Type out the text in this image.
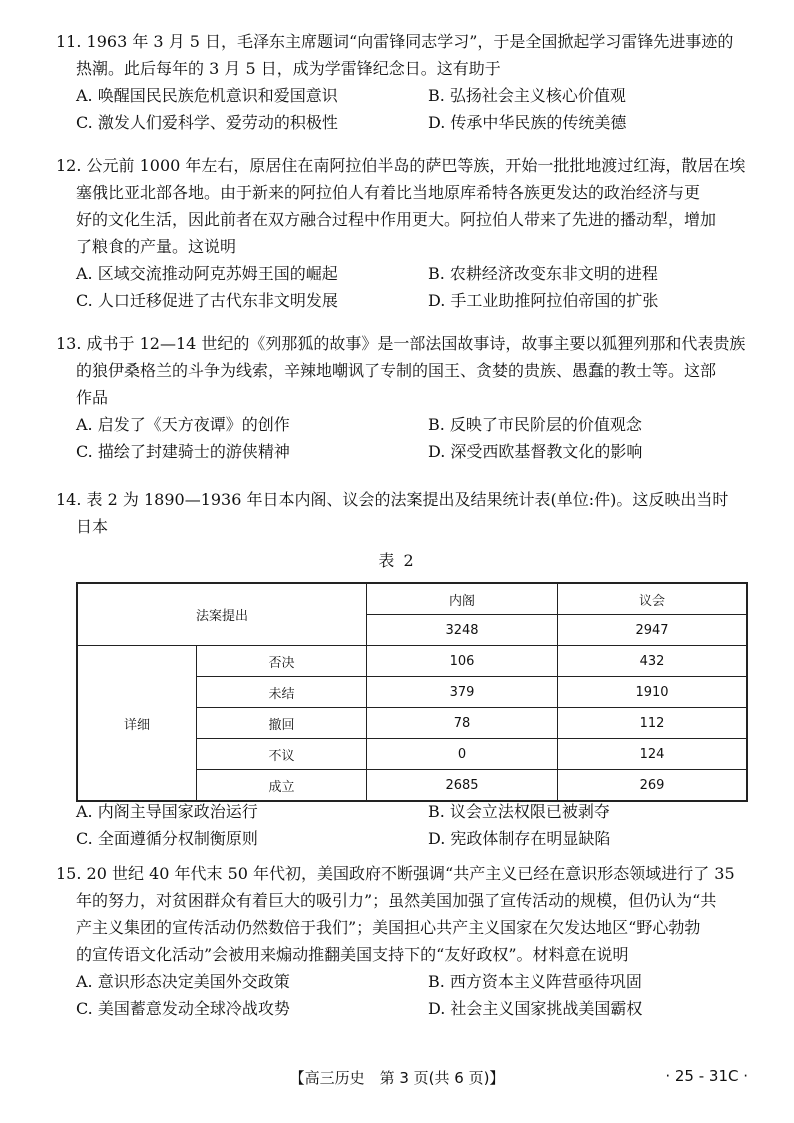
11. 1963 年 3 月 5 日，毛泽东主席题词“向雷锋同志学习”，于是全国掀起学习雷锋先进事迹的
热潮。此后每年的 3 月 5 日，成为学雷锋纪念日。这有助于
A. 唤醒国民民族危机意识和爱国意识	B. 弘扬社会主义核心价值观
C. 激发人们爱科学、爱劳动的积极性	D. 传承中华民族的传统美德
12. 公元前 1000 年左右，原居住在南阿拉伯半岛的萨巴等族，开始一批批地渡过红海，散居在埃
塞俄比亚北部各地。由于新来的阿拉伯人有着比当地原库希特各族更发达的政治经济与更
好的文化生活，因此前者在双方融合过程中作用更大。阿拉伯人带来了先进的播动犁，增加
了粮食的产量。这说明
A. 区域交流推动阿克苏姆王国的崛起	B. 农耕经济改变东非文明的进程
C. 人口迁移促进了古代东非文明发展	D. 手工业助推阿拉伯帝国的扩张
13. 成书于 12—14 世纪的《列那狐的故事》是一部法国故事诗，故事主要以狐狸列那和代表贵族
的狼伊桑格兰的斗争为线索，辛辣地嘲讽了专制的国王、贪婪的贵族、愚蠢的教士等。这部
作品
A. 启发了《天方夜谭》的创作	B. 反映了市民阶层的价值观念
C. 描绘了封建骑士的游侠精神	D. 深受西欧基督教文化的影响
14. 表 2 为 1890—1936 年日本内阁、议会的法案提出及结果统计表(单位:件)。这反映出当时
日本
表 2
法案提出		内阁	议会
		3248	2947
详细	否决	106	432
	未结	379	1910
	撤回	78	112
	不议	0	124
	成立	2685	269
A. 内阁主导国家政治运行	B. 议会立法权限已被剥夺
C. 全面遵循分权制衡原则	D. 宪政体制存在明显缺陷
15. 20 世纪 40 年代末 50 年代初，美国政府不断强调“共产主义已经在意识形态领域进行了 35
年的努力，对贫困群众有着巨大的吸引力”；虽然美国加强了宣传活动的规模，但仍认为“共
产主义集团的宣传活动仍然数倍于我们”；美国担心共产主义国家在欠发达地区“野心勃勃
的宣传语文化活动”会被用来煽动推翻美国支持下的“友好政权”。材料意在说明
A. 意识形态决定美国外交政策	B. 西方资本主义阵营亟待巩固
C. 美国蓄意发动全球冷战攻势	D. 社会主义国家挑战美国霸权
【高三历史　第 3 页(共 6 页)】	· 25 - 31C ·
